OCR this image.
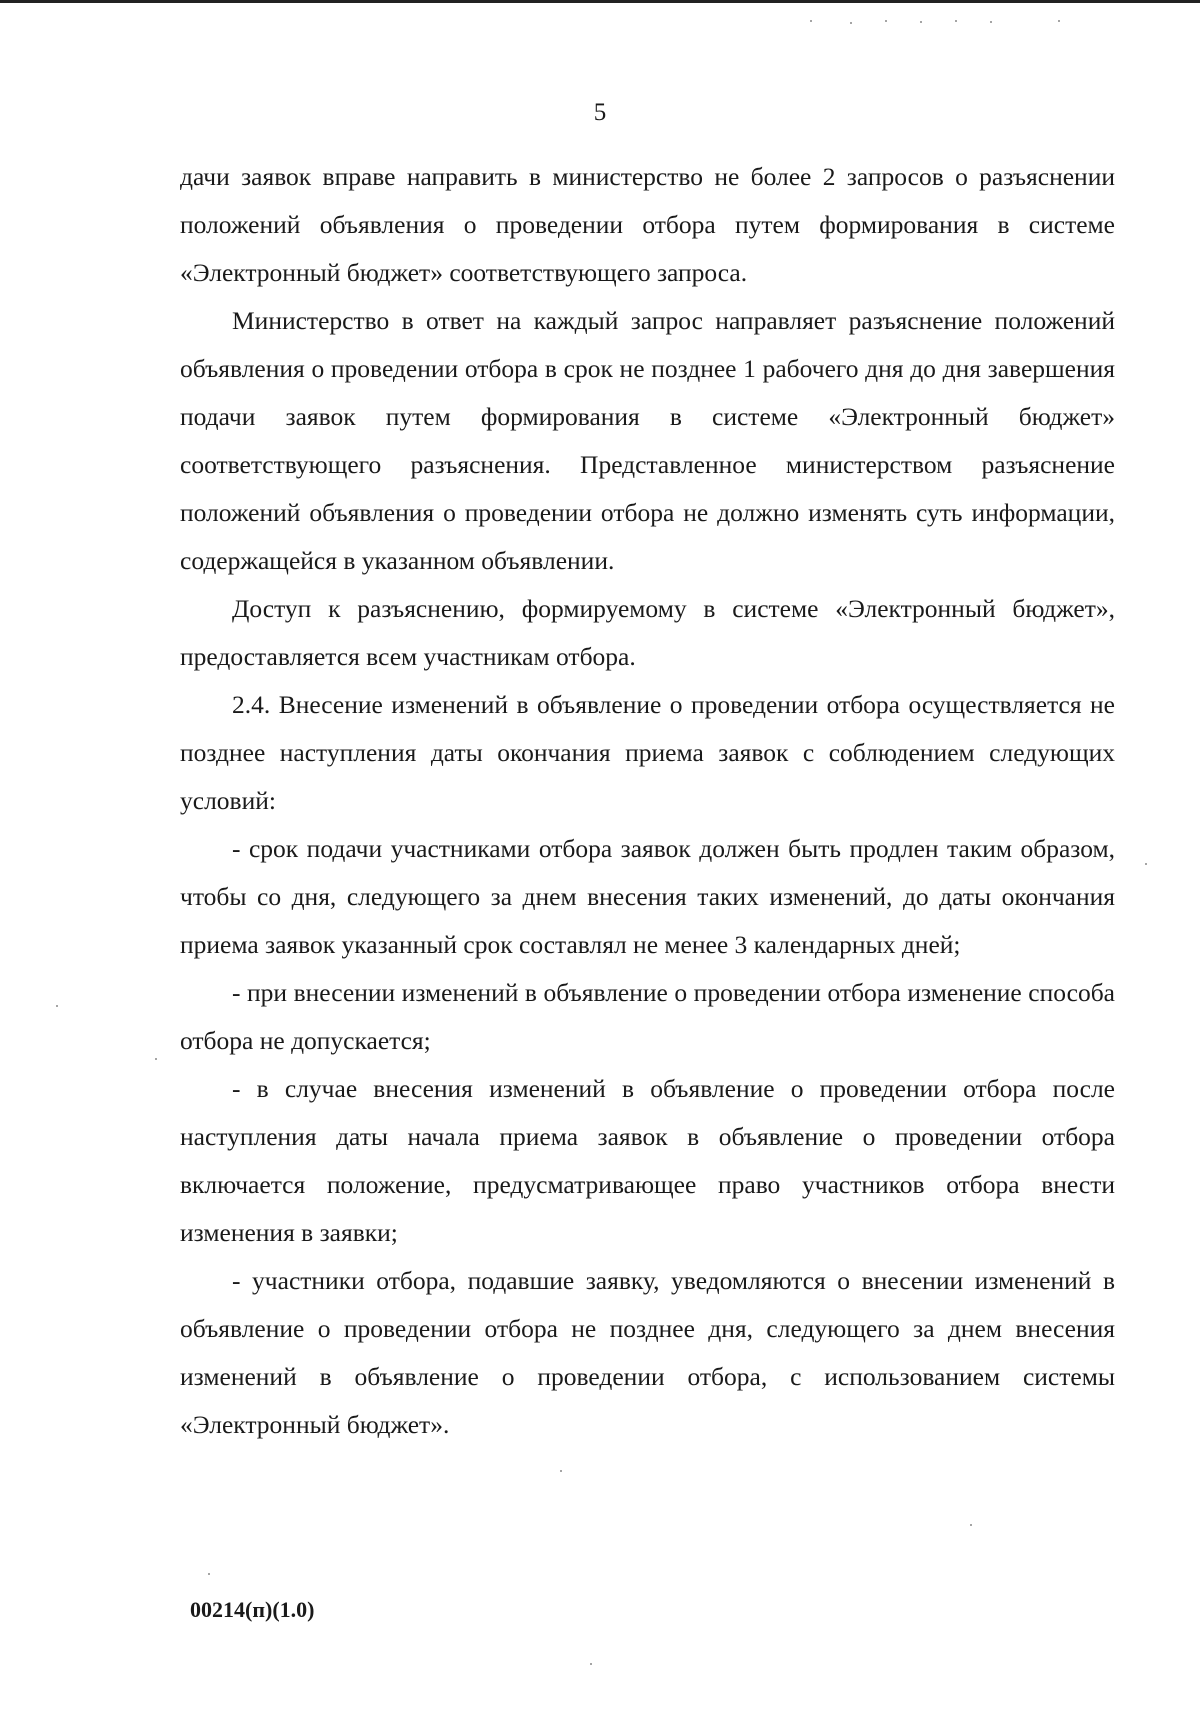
5

дачи заявок вправе направить в министерство не более 2 запросов о разъяснении положений объявления о проведении отбора путем формирования в системе «Электронный бюджет» соответствующего запроса.

Министерство в ответ на каждый запрос направляет разъяснение положений объявления о проведении отбора в срок не позднее 1 рабочего дня до дня завершения подачи заявок путем формирования в системе «Электронный бюджет» соответствующего разъяснения. Представленное министерством разъяснение положений объявления о проведении отбора не должно изменять суть информации, содержащейся в указанном объявлении.

Доступ к разъяснению, формируемому в системе «Электронный бюджет», предоставляется всем участникам отбора.

2.4. Внесение изменений в объявление о проведении отбора осуществляется не позднее наступления даты окончания приема заявок с соблюдением следующих условий:

- срок подачи участниками отбора заявок должен быть продлен таким образом, чтобы со дня, следующего за днем внесения таких изменений, до даты окончания приема заявок указанный срок составлял не менее 3 календарных дней;

- при внесении изменений в объявление о проведении отбора изменение способа отбора не допускается;

- в случае внесения изменений в объявление о проведении отбора после наступления даты начала приема заявок в объявление о проведении отбора включается положение, предусматривающее право участников отбора внести изменения в заявки;

- участники отбора, подавшие заявку, уведомляются о внесении изменений в объявление о проведении отбора не позднее дня, следующего за днем внесения изменений в объявление о проведении отбора, с использованием системы «Электронный бюджет».

00214(п)(1.0)
